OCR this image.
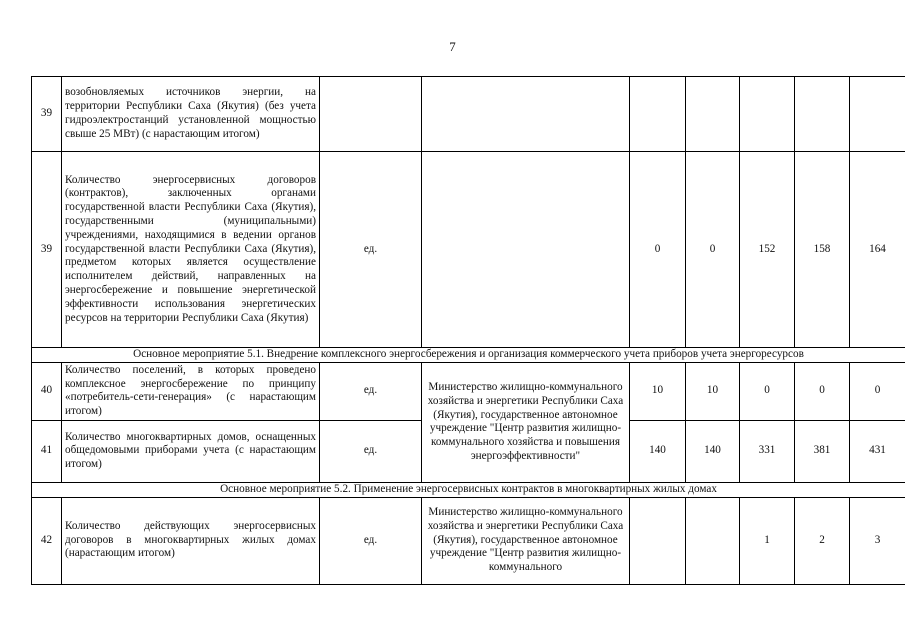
7
39	возобновляемых источников энергии, на территории Республики Саха (Якутия) (без учета гидроэлектростанций установленной мощностью свыше 25 МВт) (с нарастающим итогом)							
39	Количество энергосервисных договоров (контрактов), заключенных органами государственной власти Республики Саха (Якутия), государственными (муниципальными) учреждениями, находящимися в ведении органов государственной власти Республики Саха (Якутия), предметом которых является осуществление исполнителем действий, направленных на энергосбережение и повышение энергетической эффективности использования энергетических ресурсов на территории Республики Саха (Якутия)	ед.		0	0	152	158	164
Основное мероприятие 5.1. Внедрение комплексного энергосбережения и организация коммерческого учета приборов учета энергоресурсов								
40	Количество поселений, в которых проведено комплексное энергосбережение по принципу «потребитель-сети-генерация» (с нарастающим итогом)	ед.	Министерство жилищно-коммунального хозяйства и энергетики Республики Саха (Якутия), государственное автономное учреждение "Центр развития жилищно-коммунального хозяйства и повышения энергоэффективности"	10	10	0	0	0
41	Количество многоквартирных домов, оснащенных общедомовыми приборами учета (с нарастающим итогом)	ед.		140	140	331	381	431
Основное мероприятие 5.2. Применение энергосервисных контрактов в многоквартирных жилых домах								
42	Количество действующих энергосервисных договоров в многоквартирных жилых домах (нарастающим итогом)	ед.	Министерство жилищно-коммунального хозяйства и энергетики Республики Саха (Якутия), государственное автономное учреждение "Центр развития жилищно-коммунального			1	2	3
